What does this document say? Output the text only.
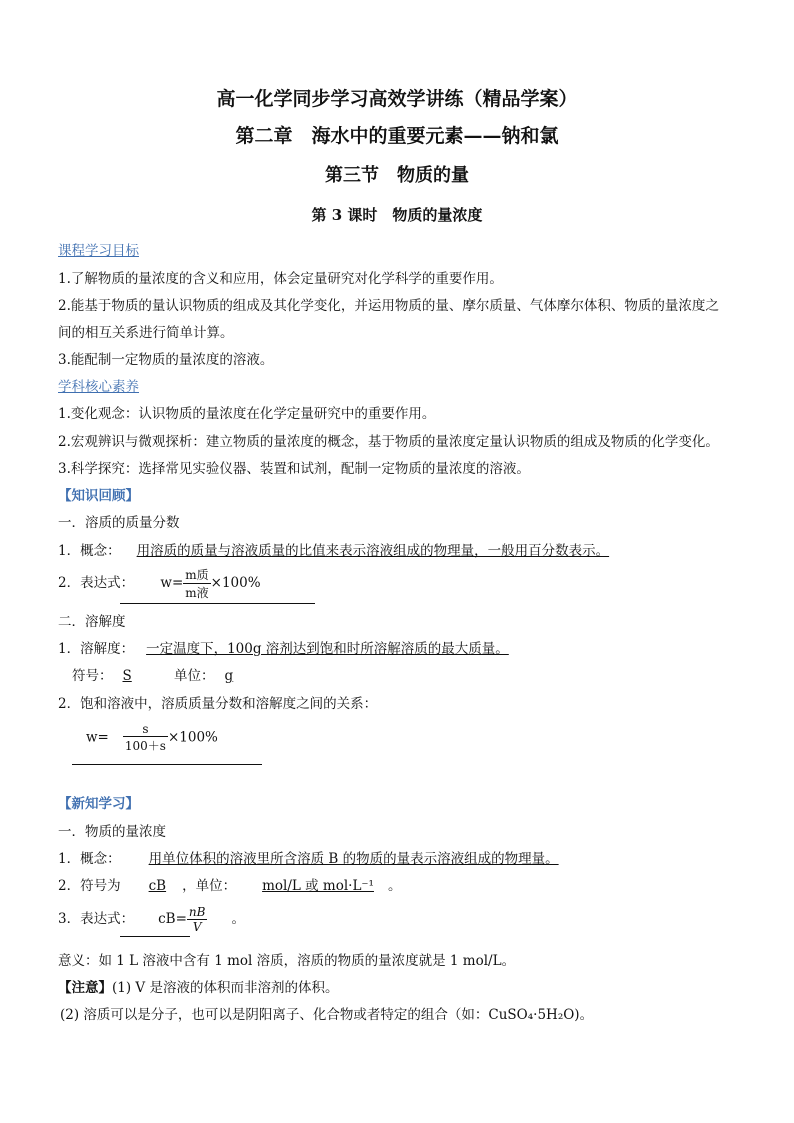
高一化学同步学习高效学讲练（精品学案）
第二章　海水中的重要元素——钠和氯
第三节　物质的量
第 3 课时　物质的量浓度
课程学习目标
1.了解物质的量浓度的含义和应用，体会定量研究对化学科学的重要作用。
2.能基于物质的量认识物质的组成及其化学变化，并运用物质的量、摩尔质量、气体摩尔体积、物质的量浓度之
间的相互关系进行简单计算。
3.能配制一定物质的量浓度的溶液。
学科核心素养
1.变化观念：认识物质的量浓度在化学定量研究中的重要作用。
2.宏观辨识与微观探析：建立物质的量浓度的概念，基于物质的量浓度定量认识物质的组成及物质的化学变化。
3.科学探究：选择常见实验仪器、装置和试剂，配制一定物质的量浓度的溶液。
【知识回顾】
一．溶质的质量分数
1．概念： 用溶质的质量与溶液质量的比值来表示溶液组成的物理量，一般用百分数表示。
2．表达式： $w= \frac{\text{m质}}{\text{m液}} \times 100\%$
二．溶解度
1．溶解度： 一定温度下，100g 溶剂达到饱和时所溶解溶质的最大质量。
符号： S	单位： g
2．饱和溶液中，溶质质量分数和溶解度之间的关系：
$w= \frac{s}{100+s} \times 100\%$
【新知学习】
一．物质的量浓度
1．概念： 用单位体积的溶液里所含溶质 B 的物质的量表示溶液组成的物理量。
2．符号为 cB ，单位： mol/L 或 mol·L⁻¹ 。
3．表达式： $cB= \frac{nB}{V}$ 。
意义：如 1 L 溶液中含有 1 mol 溶质，溶质的物质的量浓度就是 1 mol/L。
【注意】(1) V 是溶液的体积而非溶剂的体积。
(2) 溶质可以是分子，也可以是阴阳离子、化合物或者特定的组合（如：CuSO₄·5H₂O)。
